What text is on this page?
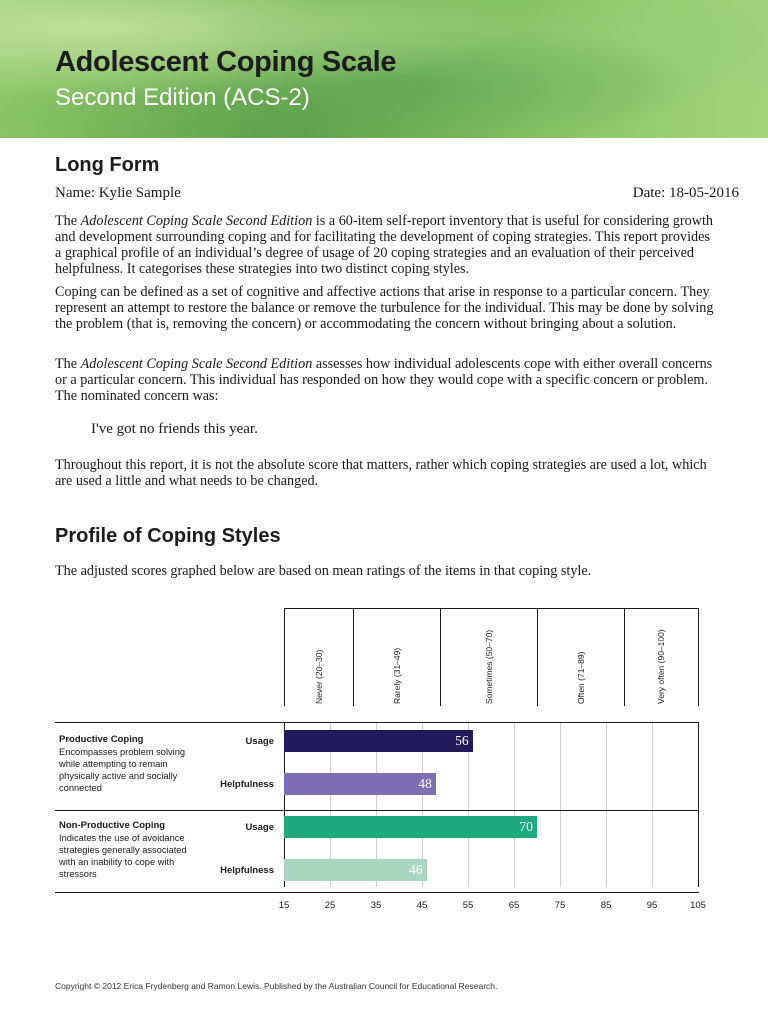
Adolescent Coping Scale
Second Edition (ACS-2)
Long Form
Name: Kylie Sample	Date: 18-05-2016
The Adolescent Coping Scale Second Edition is a 60-item self-report inventory that is useful for considering growth and development surrounding coping and for facilitating the development of coping strategies. This report provides a graphical profile of an individual’s degree of usage of 20 coping strategies and an evaluation of their perceived helpfulness. It categorises these strategies into two distinct coping styles.
Coping can be defined as a set of cognitive and affective actions that arise in response to a particular concern. They represent an attempt to restore the balance or remove the turbulence for the individual. This may be done by solving the problem (that is, removing the concern) or accommodating the concern without bringing about a solution.
The Adolescent Coping Scale Second Edition assesses how individual adolescents cope with either overall concerns or a particular concern. This individual has responded on how they would cope with a specific concern or problem. The nominated concern was:
I've got no friends this year.
Throughout this report, it is not the absolute score that matters, rather which coping strategies are used a lot, which are used a little and what needs to be changed.
Profile of Coping Styles
The adjusted scores graphed below are based on mean ratings of the items in that coping style.
Never (20–30)	Rarely (31–49)	Sometimes (50–70)	Often (71–89)	Very often (90–100)
Productive Coping
Encompasses problem solving while attempting to remain physically active and socially connected
Usage	56
Helpfulness	48
Non-Productive Coping
Indicates the use of avoidance strategies generally associated with an inability to cope with stressors
Usage	70
Helpfulness	46
15	25	35	45	55	65	75	85	95	105
Copyright © 2012 Erica Frydenberg and Ramon Lewis. Published by the Australian Council for Educational Research.
